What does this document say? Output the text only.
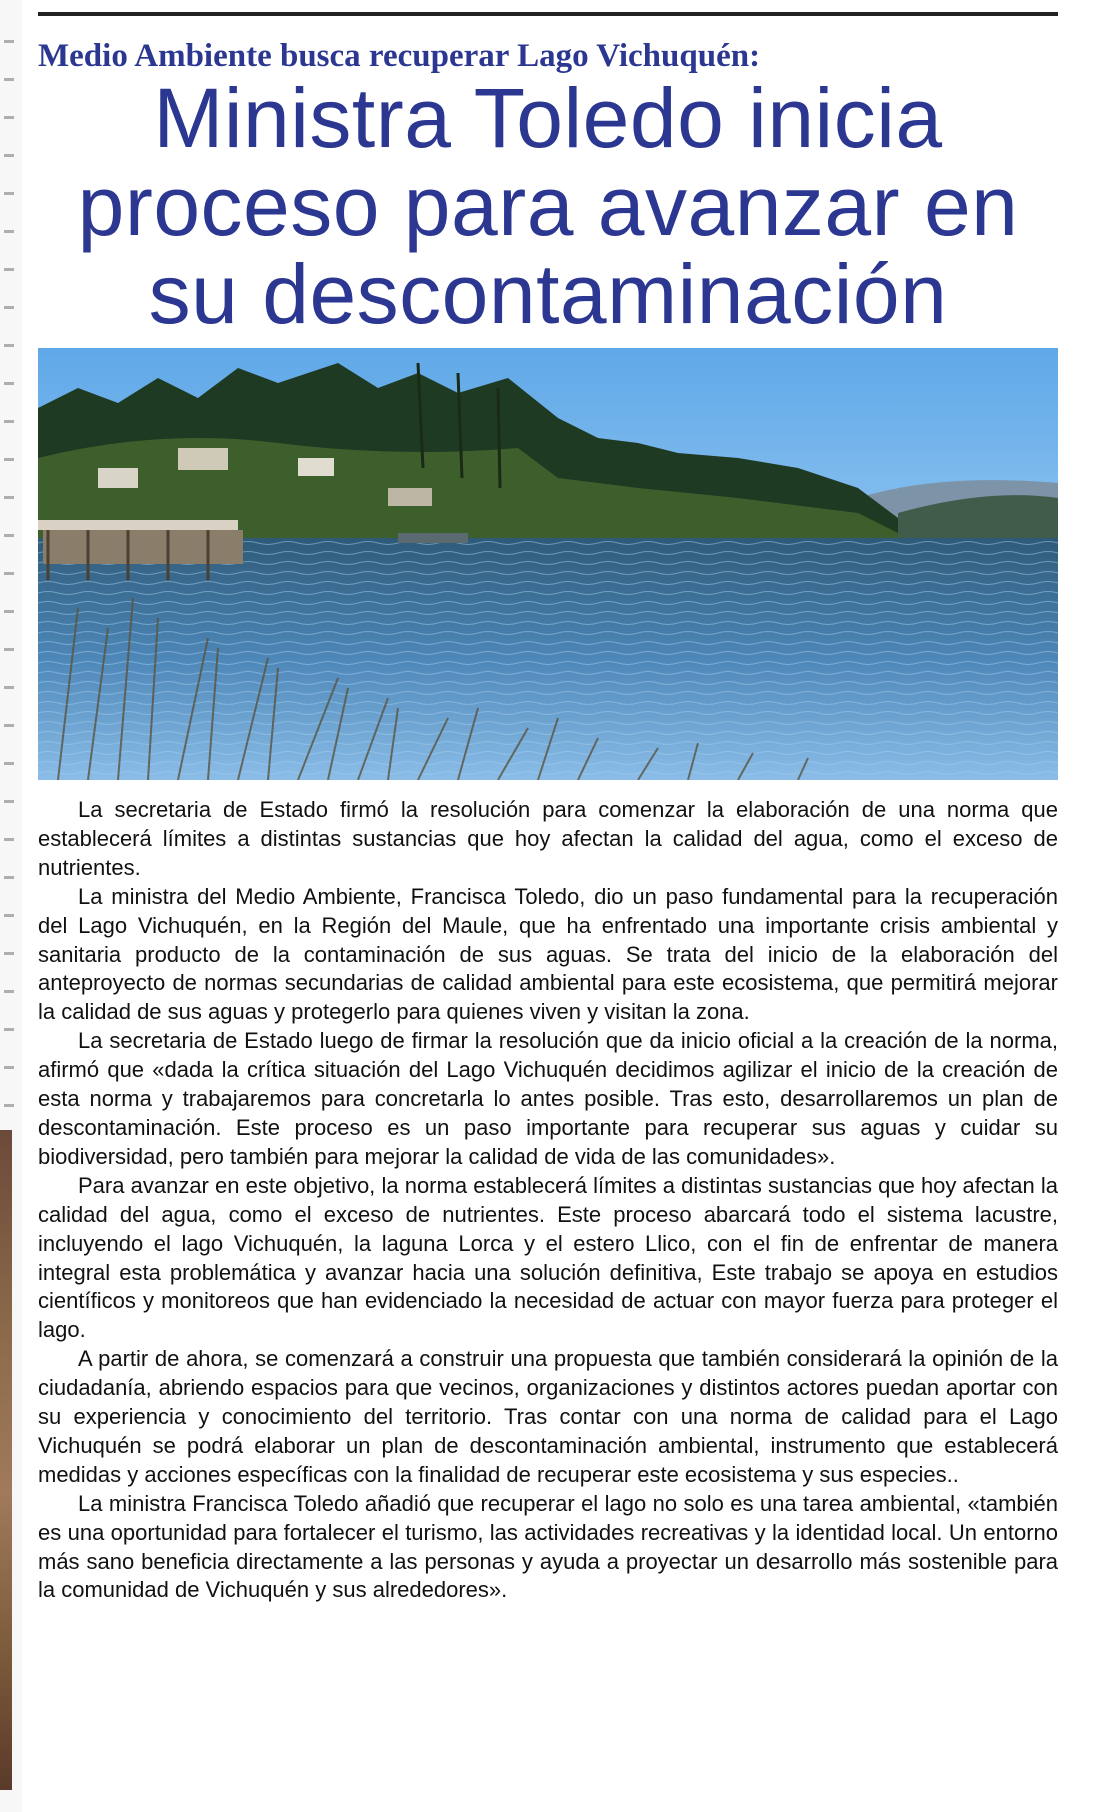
Medio Ambiente busca recuperar Lago Vichuquén:
Ministra Toledo inicia proceso para avanzar en su descontaminación

La secretaria de Estado firmó la resolución para comenzar la elaboración de una norma que establecerá límites a distintas sustancias que hoy afectan la calidad del agua, como el exceso de nutrientes.

La ministra del Medio Ambiente, Francisca Toledo, dio un paso fundamental para la recuperación del Lago Vichuquén, en la Región del Maule, que ha enfrentado una importante crisis ambiental y sanitaria producto de la contaminación de sus aguas. Se trata del inicio de la elaboración del anteproyecto de normas secundarias de calidad ambiental para este ecosistema, que permitirá mejorar la calidad de sus aguas y protegerlo para quienes viven y visitan la zona.

La secretaria de Estado luego de firmar la resolución que da inicio oficial a la creación de la norma, afirmó que «dada la crítica situación del Lago Vichuquén decidimos agilizar el inicio de la creación de esta norma y trabajaremos para concretarla lo antes posible. Tras esto, desarrollaremos un plan de descontaminación. Este proceso es un paso importante para recuperar sus aguas y cuidar su biodiversidad, pero también para mejorar la calidad de vida de las comunidades».

Para avanzar en este objetivo, la norma establecerá límites a distintas sustancias que hoy afectan la calidad del agua, como el exceso de nutrientes. Este proceso abarcará todo el sistema lacustre, incluyendo el lago Vichuquén, la laguna Lorca y el estero Llico, con el fin de enfrentar de manera integral esta problemática y avanzar hacia una solución definitiva, Este trabajo se apoya en estudios científicos y monitoreos que han evidenciado la necesidad de actuar con mayor fuerza para proteger el lago.

A partir de ahora, se comenzará a construir una propuesta que también considerará la opinión de la ciudadanía, abriendo espacios para que vecinos, organizaciones y distintos actores puedan aportar con su experiencia y conocimiento del territorio. Tras contar con una norma de calidad para el Lago Vichuquén se podrá elaborar un plan de descontaminación ambiental, instrumento que establecerá medidas y acciones específicas con la finalidad de recuperar este ecosistema y sus especies..

La ministra Francisca Toledo añadió que recuperar el lago no solo es una tarea ambiental, «también es una oportunidad para fortalecer el turismo, las actividades recreativas y la identidad local. Un entorno más sano beneficia directamente a las personas y ayuda a proyectar un desarrollo más sostenible para la comunidad de Vichuquén y sus alrededores».
